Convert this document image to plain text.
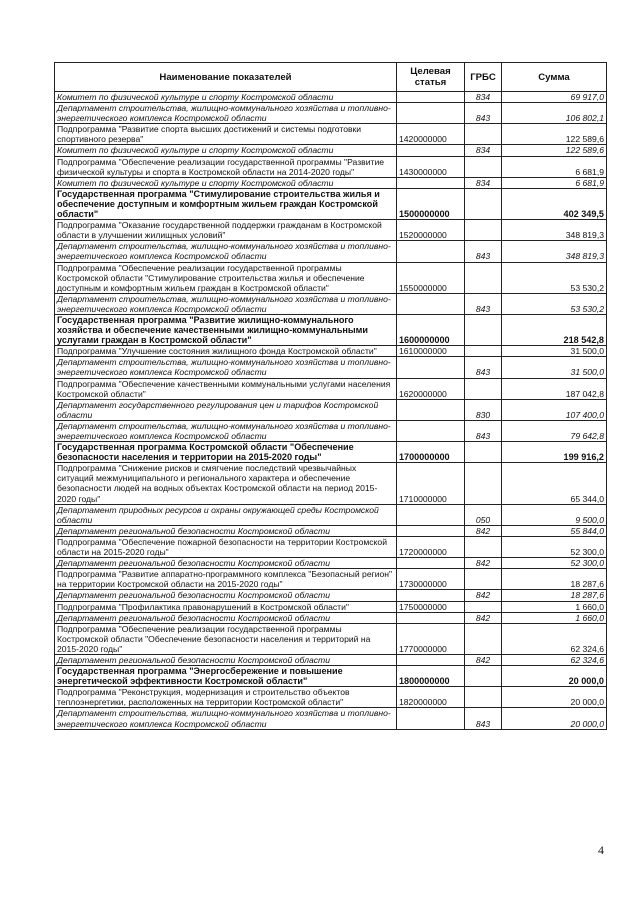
Наименование показателей	Целевая статья	ГРБС	Сумма
Комитет по физической культуре и спорту Костромской области		834	69 917,0
Департамент строительства, жилищно-коммунального хозяйства и топливно-энергетического комплекса Костромской области		843	106 802,1
Подпрограмма "Развитие спорта высших достижений и системы подготовки спортивного резерва"	1420000000		122 589,6
Комитет по физической культуре и спорту Костромской области		834	122 589,6
Подпрограмма "Обеспечение реализации государственной программы "Развитие физической культуры и спорта в Костромской области на 2014-2020 годы"	1430000000		6 681,9
Комитет по физической культуре и спорту Костромской области		834	6 681,9
Государственная программа "Стимулирование строительства жилья и обеспечение доступным и комфортным жильем граждан Костромской области"	1500000000		402 349,5
Подпрограмма "Оказание государственной поддержки гражданам в Костромской области в улучшении жилищных условий"	1520000000		348 819,3
Департамент строительства, жилищно-коммунального хозяйства и топливно-энергетического комплекса Костромской области		843	348 819,3
Подпрограмма "Обеспечение реализации государственной программы Костромской области "Стимулирование строительства жилья и обеспечение доступным и комфортным жильем граждан в Костромской области"	1550000000		53 530,2
Департамент строительства, жилищно-коммунального хозяйства и топливно-энергетического комплекса Костромской области		843	53 530,2
Государственная программа "Развитие жилищно-коммунального хозяйства и обеспечение качественными жилищно-коммунальными услугами граждан в Костромской области"	1600000000		218 542,8
Подпрограмма "Улучшение состояния жилищного фонда Костромской области"	1610000000		31 500,0
Департамент строительства, жилищно-коммунального хозяйства и топливно-энергетического комплекса Костромской области		843	31 500,0
Подпрограмма "Обеспечение качественными коммунальными услугами населения Костромской области"	1620000000		187 042,8
Департамент государственного регулирования цен и тарифов Костромской области		830	107 400,0
Департамент строительства, жилищно-коммунального хозяйства и топливно-энергетического комплекса Костромской области		843	79 642,8
Государственная программа Костромской области "Обеспечение безопасности населения и территории на 2015-2020 годы"	1700000000		199 916,2
Подпрограмма "Снижение рисков и смягчение последствий чрезвычайных ситуаций межмуниципального и регионального характера и обеспечение безопасности людей на водных объектах Костромской области на период 2015-2020 годы"	1710000000		65 344,0
Департамент природных ресурсов и охраны окружающей среды Костромской области		050	9 500,0
Департамент региональной безопасности Костромской области		842	55 844,0
Подпрограмма "Обеспечение пожарной безопасности на территории Костромской области на 2015-2020 годы"	1720000000		52 300,0
Департамент региональной безопасности Костромской области		842	52 300,0
Подпрограмма "Развитие аппаратно-программного комплекса "Безопасный регион" на территории Костромской области на 2015-2020 годы"	1730000000		18 287,6
Департамент региональной безопасности Костромской области		842	18 287,6
Подпрограмма "Профилактика правонарушений в Костромской области"	1750000000		1 660,0
Департамент региональной безопасности Костромской области		842	1 660,0
Подпрограмма "Обеспечение реализации государственной программы Костромской области "Обеспечение безопасности населения и территорий на 2015-2020 годы"	1770000000		62 324,6
Департамент региональной безопасности Костромской области		842	62 324,6
Государственная программа "Энергосбережение и повышение энергетической эффективности Костромской области"	1800000000		20 000,0
Подпрограмма "Реконструкция, модернизация и строительство объектов теплоэнергетики, расположенных на территории Костромской области"	1820000000		20 000,0
Департамент строительства, жилищно-коммунального хозяйства и топливно-энергетического комплекса Костромской области		843	20 000,0
4
